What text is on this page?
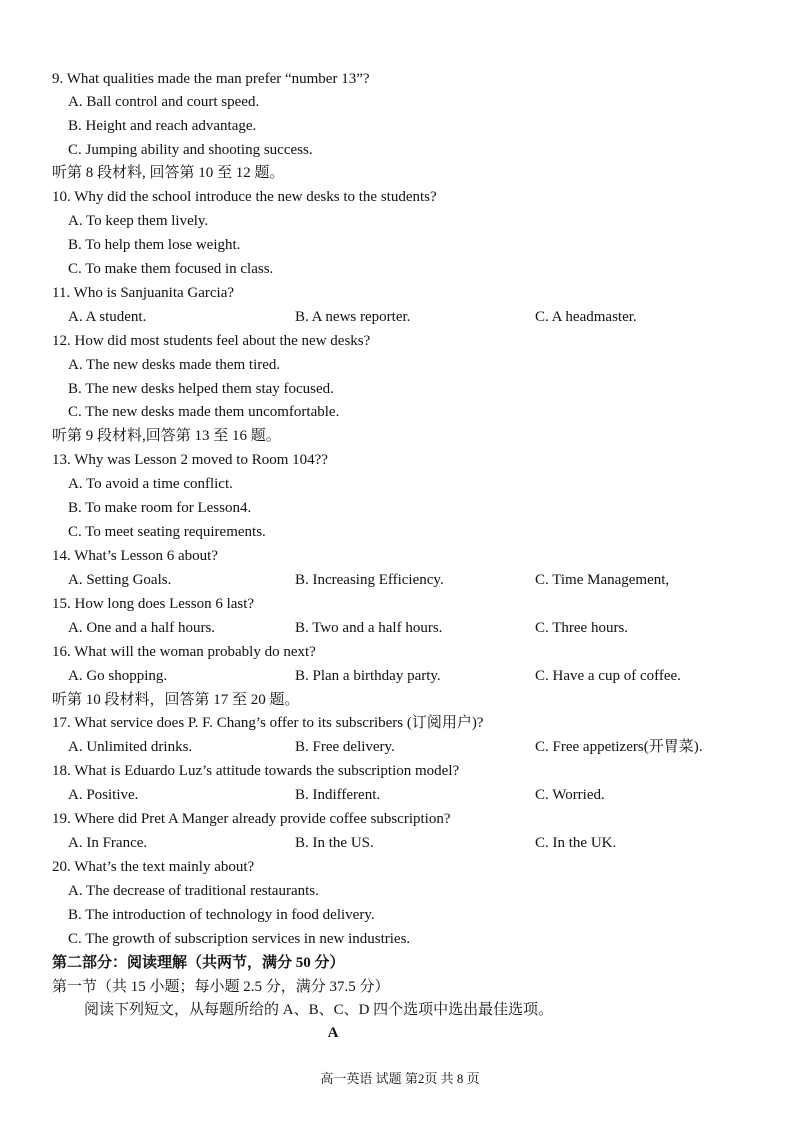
9. What qualities made the man prefer “number 13”?
A. Ball control and court speed.
B. Height and reach advantage.
C. Jumping ability and shooting success.
听第 8 段材料, 回答第 10 至 12 题。
10. Why did the school introduce the new desks to the students?
A. To keep them lively.
B. To help them lose weight.
C. To make them focused in class.
11. Who is Sanjuanita Garcia?
A. A student.	B. A news reporter.	C. A headmaster.
12. How did most students feel about the new desks?
A. The new desks made them tired.
B. The new desks helped them stay focused.
C. The new desks made them uncomfortable.
听第 9 段材料,回答第 13 至 16 题。
13. Why was Lesson 2 moved to Room 104??
A. To avoid a time conflict.
B. To make room for Lesson4.
C. To meet seating requirements.
14. What’s Lesson 6 about?
A. Setting Goals.	B. Increasing Efficiency.	C. Time Management,
15. How long does Lesson 6 last?
A. One and a half hours.	B. Two and a half hours.	C. Three hours.
16. What will the woman probably do next?
A. Go shopping.	B. Plan a birthday party.	C. Have a cup of coffee.
听第 10 段材料，回答第 17 至 20 题。
17. What service does P. F. Chang’s offer to its subscribers (订阅用户)?
A. Unlimited drinks.	B. Free delivery.	C. Free appetizers(开胃菜).
18. What is Eduardo Luz’s attitude towards the subscription model?
A. Positive.	B. Indifferent.	C. Worried.
19. Where did Pret A Manger already provide coffee subscription?
A. In France.	B. In the US.	C. In the UK.
20. What’s the text mainly about?
A. The decrease of traditional restaurants.
B. The introduction of technology in food delivery.
C. The growth of subscription services in new industries.
第二部分：阅读理解（共两节，满分 50 分）
第一节（共 15 小题；每小题 2.5 分，满分 37.5 分）
阅读下列短文，从每题所给的 A、B、C、D 四个选项中选出最佳选项。
A
高一英语 试题 第2页 共 8 页
